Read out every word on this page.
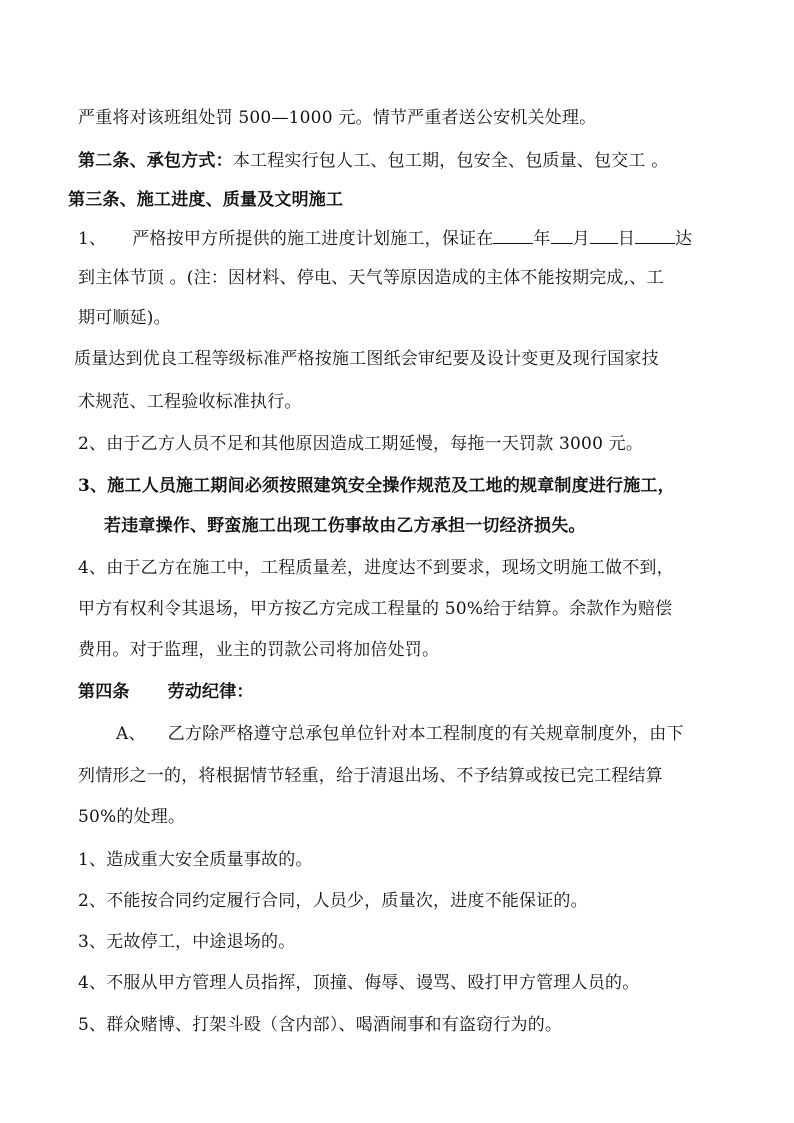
严重将对该班组处罚 500—1000 元。情节严重者送公安机关处理。
第二条、承包方式：本工程实行包人工、包工期，包安全、包质量、包交工 。
第三条、施工进度、质量及文明施工
1、 严格按甲方所提供的施工进度计划施工，保证在 年 月 日 达
到主体节顶 。(注：因材料、停电、天气等原因造成的主体不能按期完成,、工
期可顺延)。
质量达到优良工程等级标准严格按施工图纸会审纪要及设计变更及现行国家技
术规范、工程验收标准执行。
2、由于乙方人员不足和其他原因造成工期延慢，每拖一天罚款 3000 元。
3、施工人员施工期间必须按照建筑安全操作规范及工地的规章制度进行施工，
若违章操作、野蛮施工出现工伤事故由乙方承担一切经济损失。
4、由于乙方在施工中，工程质量差，进度达不到要求，现场文明施工做不到，
甲方有权利令其退场，甲方按乙方完成工程量的 50%给于结算。余款作为赔偿
费用。对于监理，业主的罚款公司将加倍处罚。
第四条 劳动纪律：
A、 乙方除严格遵守总承包单位针对本工程制度的有关规章制度外，由下
列情形之一的，将根据情节轻重，给于清退出场、不予结算或按已完工程结算
50%的处理。
1、造成重大安全质量事故的。
2、不能按合同约定履行合同，人员少，质量次，进度不能保证的。
3、无故停工，中途退场的。
4、不服从甲方管理人员指挥，顶撞、侮辱、谩骂、殴打甲方管理人员的。
5、群众赌博、打架斗殴（含内部）、喝酒闹事和有盗窃行为的。
